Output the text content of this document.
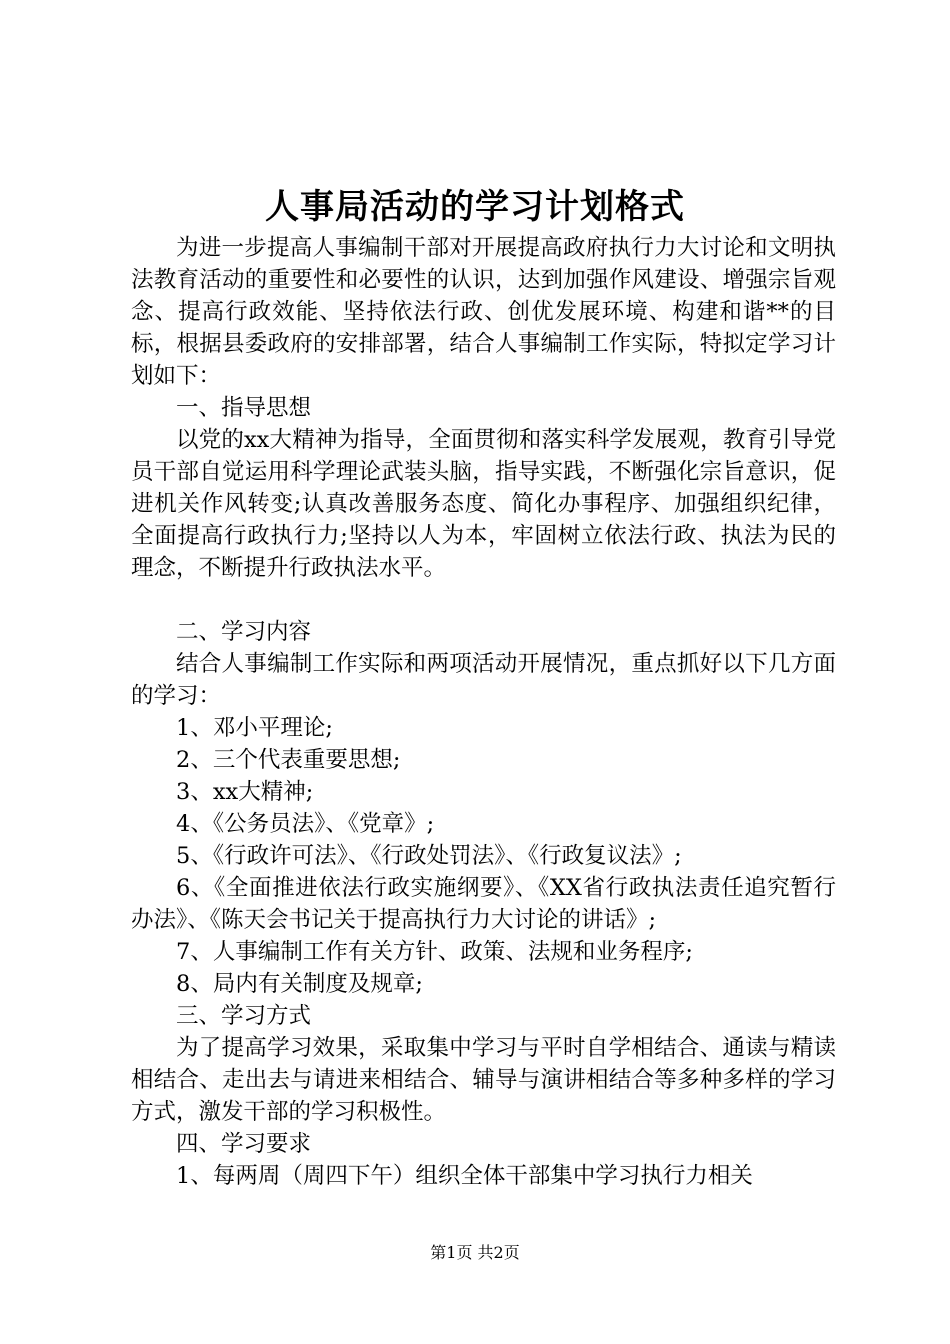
人事局活动的学习计划格式

为进一步提高人事编制干部对开展提高政府执行力大讨论和文明执法教育活动的重要性和必要性的认识，达到加强作风建设、增强宗旨观念、提高行政效能、坚持依法行政、创优发展环境、构建和谐**的目标，根据县委政府的安排部署，结合人事编制工作实际，特拟定学习计划如下：

一、指导思想

以党的xx大精神为指导，全面贯彻和落实科学发展观，教育引导党员干部自觉运用科学理论武装头脑，指导实践，不断强化宗旨意识，促进机关作风转变;认真改善服务态度、简化办事程序、加强组织纪律，全面提高行政执行力;坚持以人为本，牢固树立依法行政、执法为民的理念，不断提升行政执法水平。

二、学习内容

结合人事编制工作实际和两项活动开展情况，重点抓好以下几方面的学习：

1、邓小平理论;

2、三个代表重要思想;

3、xx大精神;

4、《公务员法》、《党章》;

5、《行政许可法》、《行政处罚法》、《行政复议法》;

6、《全面推进依法行政实施纲要》、《XX省行政执法责任追究暂行办法》、《陈天会书记关于提高执行力大讨论的讲话》;

7、人事编制工作有关方针、政策、法规和业务程序;

8、局内有关制度及规章;

三、学习方式

为了提高学习效果，采取集中学习与平时自学相结合、通读与精读相结合、走出去与请进来相结合、辅导与演讲相结合等多种多样的学习方式，激发干部的学习积极性。

四、学习要求

1、每两周（周四下午）组织全体干部集中学习执行力相关

第1页 共2页
